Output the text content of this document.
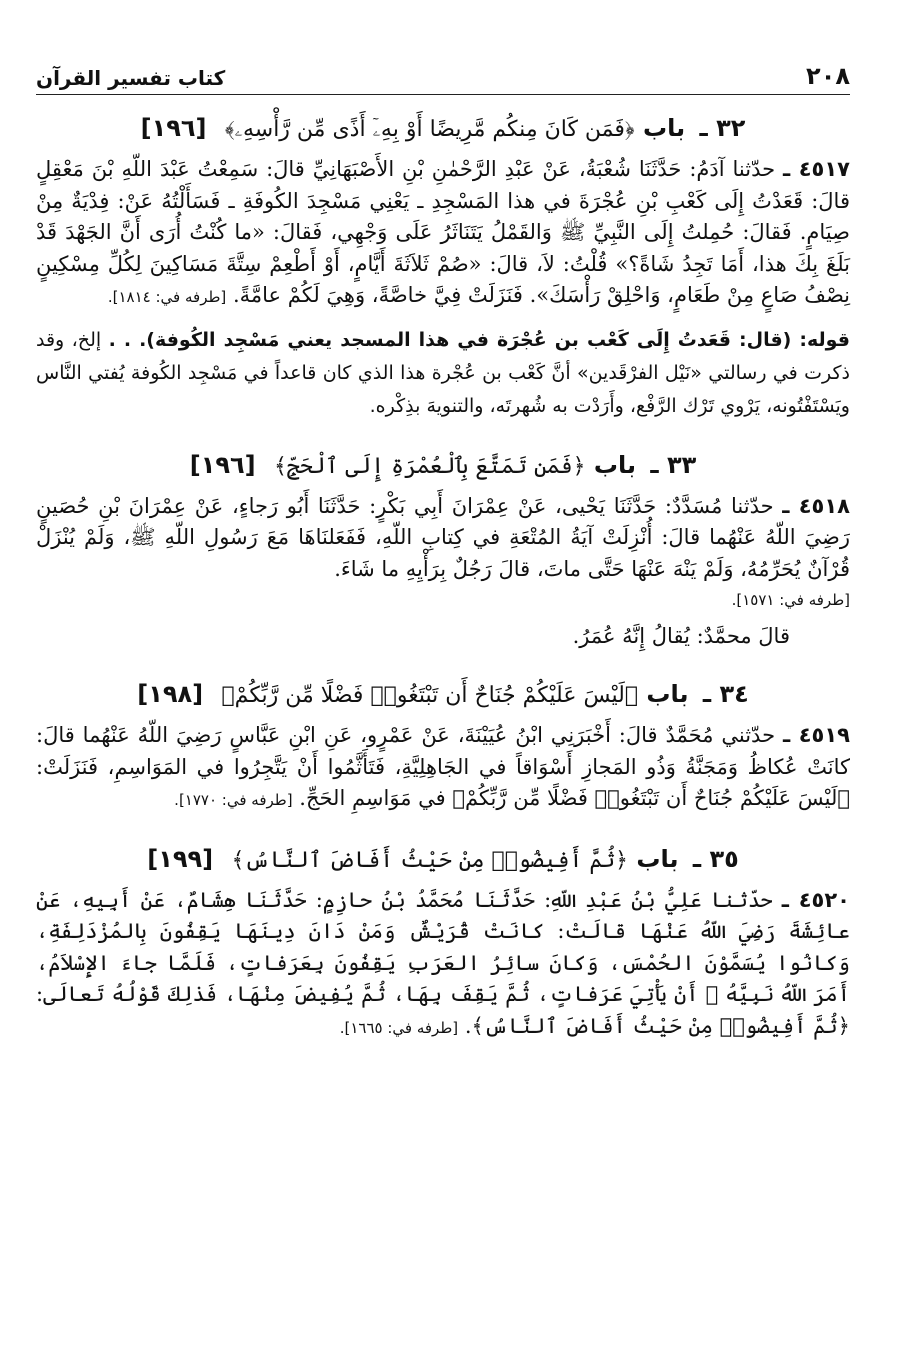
٢٠٨
كتاب تفسير القرآن
٣٢ ـ باب ﴿فَمَن كَانَ مِنكُم مَّرِيضًا أَوْ بِهِۦٓ أَذًى مِّن رَّأْسِهِۦ﴾ [١٩٦]

٤٥١٧ ـ حدّثنا آدَمُ: حَدَّثَنَا شُعْبَةُ، عَنْ عَبْدِ الرَّحْمٰنِ بْنِ الأَصْبَهَانِيِّ قالَ: سَمِعْتُ عَبْدَ اللّهِ بْنَ مَعْقِلٍ قالَ: قَعَدْتُ إِلَى كَعْبِ بْنِ عُجْرَةَ في هذا المَسْجِدِ ـ يَعْنِي مَسْجِدَ الكُوفَةِ ـ فَسَأَلْتُهُ عَنْ: فِدْيَةٌ مِنْ صِيَامٍ. فَقالَ: حُمِلتُ إِلَى النَّبِيِّ ﷺ وَالقَمْلُ يَتَنَاثَرُ عَلَى وَجْهِي، فَقالَ: «ما كُنْتُ أُرَى أَنَّ الجَهْدَ قَدْ بَلَغَ بِكَ هذا، أَمَا تَجِدُ شَاةً؟» قُلْتُ: لاَ، قالَ: «صُمْ ثَلاَثَةَ أَيَّامٍ، أَوْ أَطْعِمْ سِتَّةَ مَسَاكِينَ لِكُلِّ مِسْكِينٍ نِصْفُ صَاعٍ مِنْ طَعَامٍ، وَاحْلِقْ رَأْسَكَ». فَنَزَلَتْ فِيَّ خاصَّةً، وَهِيَ لَكُمْ عامَّةً. [طرفه في: ١٨١٤].

قوله: (قال: قَعَدتُ إِلَى كَعْب بن عُجْرَة في هذا المسجد يعني مَسْجِد الكُوفة). . . إلخ، وقد ذكرت في رسالتي «نَيْل الفرْقَدين» أنَّ كَعْب بن عُجْرة هذا الذي كان قاعداً في مَسْجِد الكُوفة يُفتي النَّاس ويَسْتَفْتُونه، يَرْوي تَرْك الرَّفْع، وأَرَدْت به شُهرتَه، والتنويهَ بذِكْره.

٣٣ ـ باب ﴿فَمَن تَمَتَّعَ بِٱلْعُمْرَةِ إِلَى ٱلْحَجِّ﴾ [١٩٦]

٤٥١٨ ـ حدّثنا مُسَدَّدٌ: حَدَّثَنَا يَحْيى، عَنْ عِمْرَانَ أَبِي بَكْرٍ: حَدَّثَنَا أَبُو رَجاءٍ، عَنْ عِمْرَانَ بْنِ حُصَينٍ رَضِيَ اللّهُ عَنْهُما قالَ: أُنْزِلَتْ آيَةُ المُتْعَةِ في كِتابِ اللّهِ، فَفَعَلنَاهَا مَعَ رَسُولِ اللّهِ ﷺ، وَلَمْ يُنْزَلْ قُرْآنٌ يُحَرِّمُهُ، وَلَمْ يَنْهَ عَنْهَا حَتَّى ماتَ، قالَ رَجُلٌ بِرَأْيِهِ ما شَاءَ.

[طرفه في: ١٥٧١].

قالَ محمَّدٌ: يُقالُ إِنَّهُ عُمَرُ.

٣٤ ـ باب ﴿لَيْسَ عَلَيْكُمْ جُنَاحٌ أَن تَبْتَغُوا۟ فَضْلًا مِّن رَّبِّكُمْ﴾ [١٩٨]

٤٥١٩ ـ حدّثني مُحَمَّدٌ قالَ: أَخْبَرَنِي ابْنُ عُيَيْنَةَ، عَنْ عَمْرٍو، عَنِ ابْنِ عَبَّاسٍ رَضِيَ اللّهُ عَنْهُما قالَ: كانَتْ عُكاظُ وَمَجَنَّةُ وَذُو المَجازِ أَسْوَاقاً في الجَاهِلِيَّةِ، فَتَأَثَّمُوا أَنْ يَتَّجِرُوا في المَوَاسِمِ، فَنَزَلَتْ: ﴿لَيْسَ عَلَيْكُمْ جُنَاحٌ أَن تَبْتَغُوا۟ فَضْلًا مِّن رَّبِّكُمْ﴾ في مَوَاسِمِ الحَجِّ. [طرفه في: ١٧٧٠].

٣٥ ـ باب ﴿ثُمَّ أَفِيضُوا۟ مِنْ حَيْثُ أَفَاضَ ٱلنَّاسُ﴾ [١٩٩]

٤٥٢٠ ـ حدّثنا عَلِيُّ بْنُ عَبْدِ اللّهِ: حَدَّثَنَا مُحَمَّدُ بْنُ حازِمٍ: حَدَّثَنَا هِشَامٌ، عَنْ أَبِيهِ، عَنْ عائِشَةَ رَضِيَ اللّهُ عَنْهَا قالَتْ: كانَتْ قُرَيْشٌ وَمَنْ دَانَ دِينَهَا يَقِفُونَ بِالمُزْدَلِفَةِ، وَكانُوا يُسَمَّوْنَ الحُمْسَ، وَكانَ سائِرُ العَرَبِ يَقِفُونَ بِعَرَفاتٍ، فَلَمَّا جاءَ الإِسْلاَمُ، أَمَرَ اللّهُ نَبِيَّهُ ﷺ أَنْ يَأْتِيَ عَرَفاتٍ، ثُمَّ يَقِفَ بِهَا، ثُمَّ يُفِيضَ مِنْهَا، فَذلِكَ قَوْلُهُ تَعالَى: ﴿ثُمَّ أَفِيضُوا۟ مِنْ حَيْثُ أَفَاضَ ٱلنَّاسُ﴾. [طرفه في: ١٦٦٥].
